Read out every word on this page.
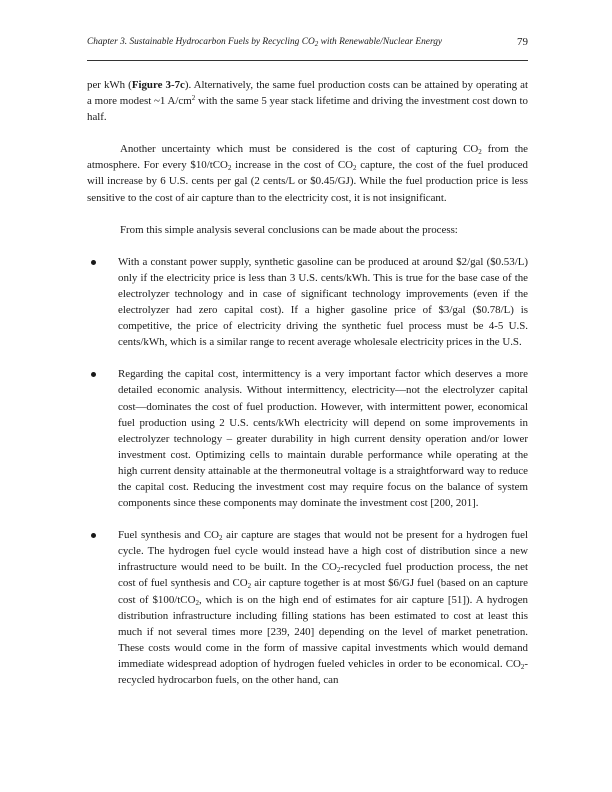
Chapter 3. Sustainable Hydrocarbon Fuels by Recycling $CO_2$ with Renewable/Nuclear Energy	79

per kWh (Figure 3-7c). Alternatively, the same fuel production costs can be attained by operating at a more modest ~1 $A/cm^2$ with the same 5 year stack lifetime and driving the investment cost down to half.

Another uncertainty which must be considered is the cost of capturing $CO_2$ from the atmosphere. For every $10/tCO$_2$ increase in the cost of $CO_2$ capture, the cost of the fuel produced will increase by 6 U.S. cents per gal (2 cents/L or $0.45/GJ). While the fuel production price is less sensitive to the cost of air capture than to the electricity cost, it is not insignificant.

From this simple analysis several conclusions can be made about the process:

With a constant power supply, synthetic gasoline can be produced at around $2/gal ($0.53/L) only if the electricity price is less than 3 U.S. cents/kWh. This is true for the base case of the electrolyzer technology and in case of significant technology improvements (even if the electrolyzer had zero capital cost). If a higher gasoline price of $3/gal ($0.78/L) is competitive, the price of electricity driving the synthetic fuel process must be 4-5 U.S. cents/kWh, which is a similar range to recent average wholesale electricity prices in the U.S.
Regarding the capital cost, intermittency is a very important factor which deserves a more detailed economic analysis. Without intermittency, electricity—not the electrolyzer capital cost—dominates the cost of fuel production. However, with intermittent power, economical fuel production using 2 U.S. cents/kWh electricity will depend on some improvements in electrolyzer technology – greater durability in high current density operation and/or lower investment cost. Optimizing cells to maintain durable performance while operating at the high current density attainable at the thermoneutral voltage is a straightforward way to reduce the capital cost. Reducing the investment cost may require focus on the balance of system components since these components may dominate the investment cost [200, 201].
Fuel synthesis and $CO_2$ air capture are stages that would not be present for a hydrogen fuel cycle. The hydrogen fuel cycle would instead have a high cost of distribution since a new infrastructure would need to be built. In the $CO_2$-recycled fuel production process, the net cost of fuel synthesis and $CO_2$ air capture together is at most $6/GJ fuel (based on an capture cost of $100/tCO$_2$, which is on the high end of estimates for air capture [51]). A hydrogen distribution infrastructure including filling stations has been estimated to cost at least this much if not several times more [239, 240] depending on the level of market penetration. These costs would come in the form of massive capital investments which would demand immediate widespread adoption of hydrogen fueled vehicles in order to be economical. $CO_2$-recycled hydrocarbon fuels, on the other hand, can
